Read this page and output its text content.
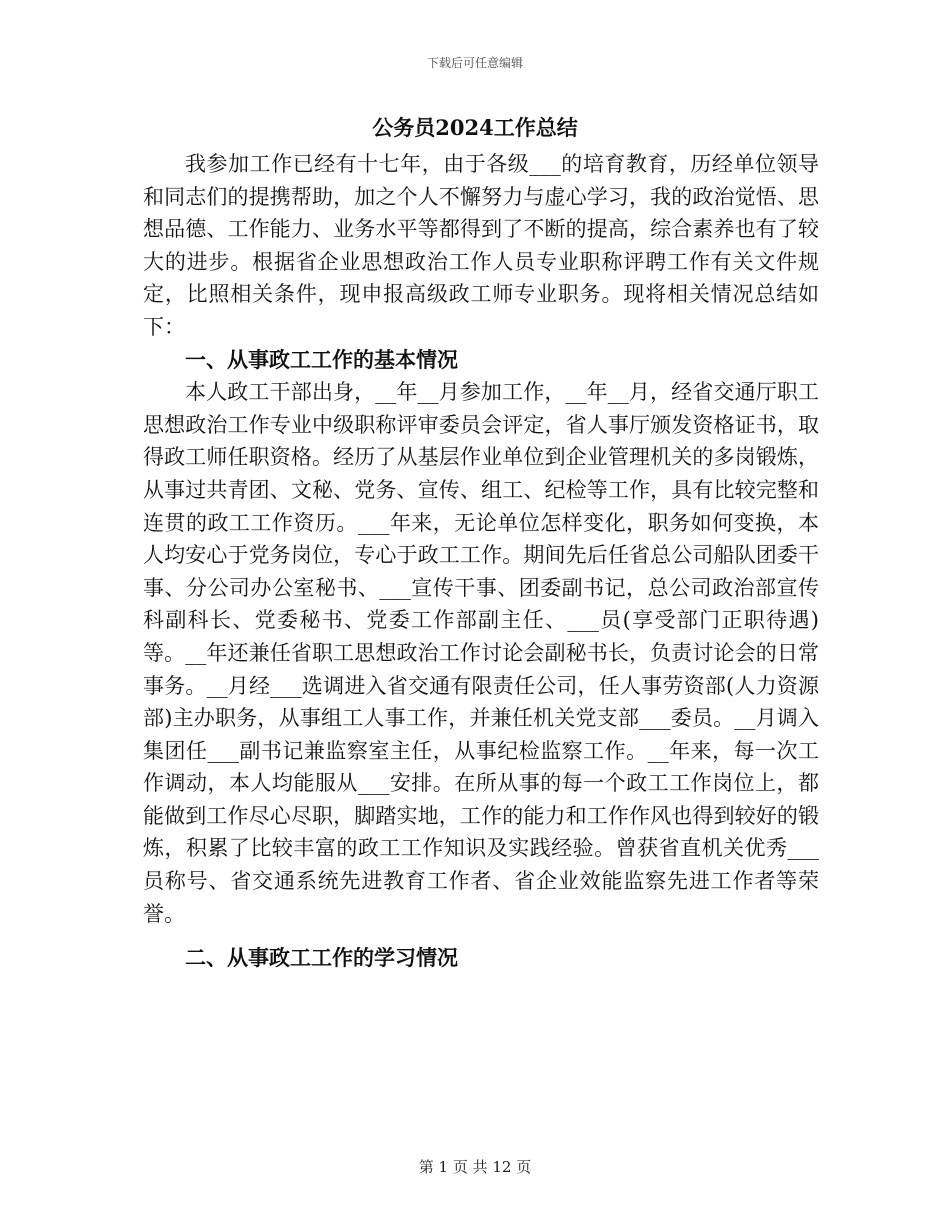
下载后可任意编辑
公务员2024工作总结

我参加工作已经有十七年，由于各级___的培育教育，历经单位领导和同志们的提携帮助，加之个人不懈努力与虚心学习，我的政治觉悟、思想品德、工作能力、业务水平等都得到了不断的提高，综合素养也有了较大的进步。根据省企业思想政治工作人员专业职称评聘工作有关文件规定，比照相关条件，现申报高级政工师专业职务。现将相关情况总结如下：

一、从事政工工作的基本情况

本人政工干部出身，__年__月参加工作，__年__月，经省交通厅职工思想政治工作专业中级职称评审委员会评定，省人事厅颁发资格证书，取得政工师任职资格。经历了从基层作业单位到企业管理机关的多岗锻炼，从事过共青团、文秘、党务、宣传、组工、纪检等工作，具有比较完整和连贯的政工工作资历。___年来，无论单位怎样变化，职务如何变换，本人均安心于党务岗位，专心于政工工作。期间先后任省总公司船队团委干事、分公司办公室秘书、___宣传干事、团委副书记，总公司政治部宣传科副科长、党委秘书、党委工作部副主任、___员(享受部门正职待遇)等。__年还兼任省职工思想政治工作讨论会副秘书长，负责讨论会的日常事务。__月经___选调进入省交通有限责任公司，任人事劳资部(人力资源部)主办职务，从事组工人事工作，并兼任机关党支部___委员。__月调入集团任___副书记兼监察室主任，从事纪检监察工作。__年来，每一次工作调动，本人均能服从___安排。在所从事的每一个政工工作岗位上，都能做到工作尽心尽职，脚踏实地，工作的能力和工作作风也得到较好的锻炼，积累了比较丰富的政工工作知识及实践经验。曾获省直机关优秀___员称号、省交通系统先进教育工作者、省企业效能监察先进工作者等荣誉。

二、从事政工工作的学习情况

第 1 页 共 12 页
